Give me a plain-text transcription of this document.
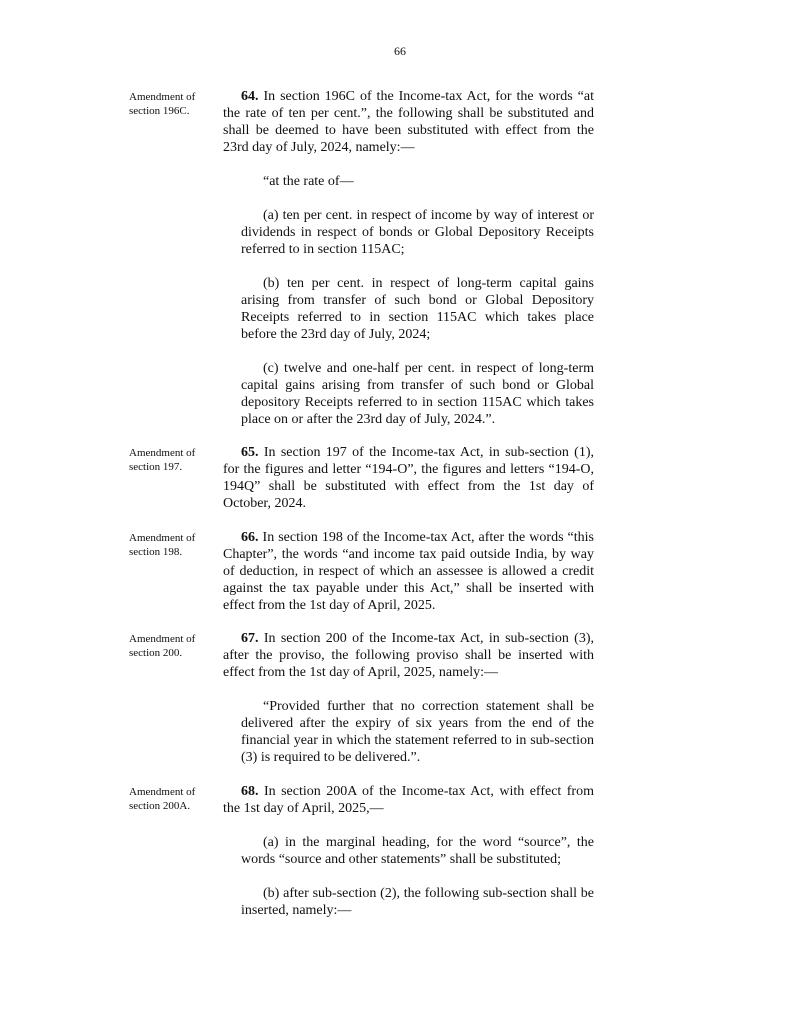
66
Amendment of
section 196C.

64. In section 196C of the Income-tax Act, for the words “at the rate of ten per cent.”, the following shall be substituted and shall be deemed to have been substituted with effect from the 23rd day of July, 2024, namely:—

“at the rate of—

(a) ten per cent. in respect of income by way of interest or dividends in respect of bonds or Global Depository Receipts referred to in section 115AC;

(b) ten per cent. in respect of long-term capital gains arising from transfer of such bond or Global Depository Receipts referred to in section 115AC which takes place before the 23rd day of July, 2024;

(c) twelve and one-half per cent. in respect of long-term capital gains arising from transfer of such bond or Global depository Receipts referred to in section 115AC which takes place on or after the 23rd day of July, 2024.”.

Amendment of
section 197.

65. In section 197 of the Income-tax Act, in sub-section (1), for the figures and letter “194-O”, the figures and letters “194-O, 194Q” shall be substituted with effect from the 1st day of October, 2024.

Amendment of
section 198.

66. In section 198 of the Income-tax Act, after the words “this Chapter”, the words “and income tax paid outside India, by way of deduction, in respect of which an assessee is allowed a credit against the tax payable under this Act,” shall be inserted with effect from the 1st day of April, 2025.

Amendment of
section 200.

67. In section 200 of the Income-tax Act, in sub-section (3), after the proviso, the following proviso shall be inserted with effect from the 1st day of April, 2025, namely:—

“Provided further that no correction statement shall be delivered after the expiry of six years from the end of the financial year in which the statement referred to in sub-section (3) is required to be delivered.”.

Amendment of
section 200A.

68. In section 200A of the Income-tax Act, with effect from the 1st day of April, 2025,—

(a) in the marginal heading, for the word “source”, the words “source and other statements” shall be substituted;

(b) after sub-section (2), the following sub-section shall be inserted, namely:—
